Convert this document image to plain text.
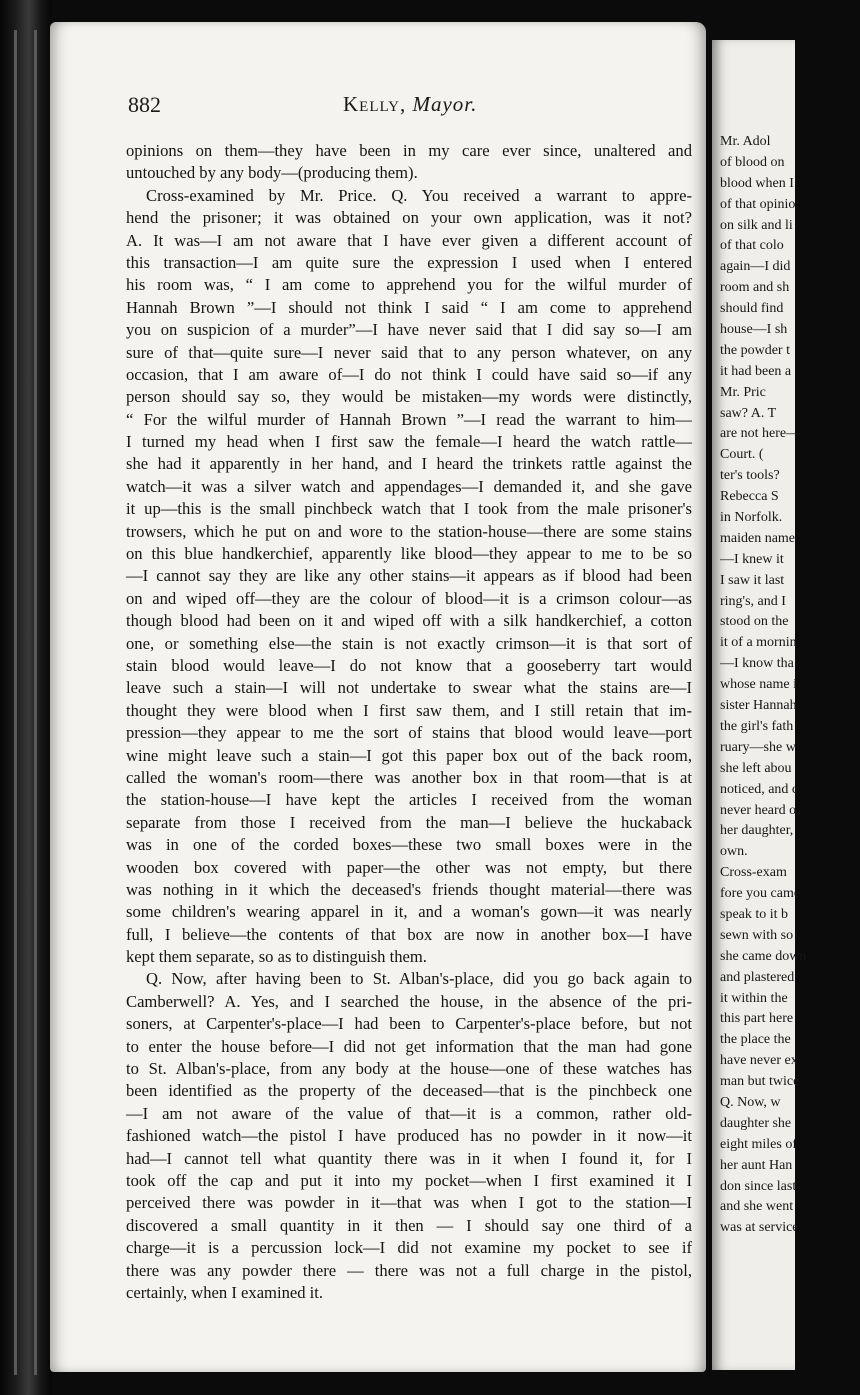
882	Kelly, Mayor.
opinions on them—they have been in my care ever since, unaltered and
untouched by any body—(producing them).
Cross-examined by Mr. Price. Q. You received a warrant to appre-
hend the prisoner; it was obtained on your own application, was it not?
A. It was—I am not aware that I have ever given a different account of
this transaction—I am quite sure the expression I used when I entered
his room was, “ I am come to apprehend you for the wilful murder of
Hannah Brown ”—I should not think I said “ I am come to apprehend
you on suspicion of a murder”—I have never said that I did say so—I am
sure of that—quite sure—I never said that to any person whatever, on any
occasion, that I am aware of—I do not think I could have said so—if any
person should say so, they would be mistaken—my words were distinctly,
“ For the wilful murder of Hannah Brown ”—I read the warrant to him—
I turned my head when I first saw the female—I heard the watch rattle—
she had it apparently in her hand, and I heard the trinkets rattle against the
watch—it was a silver watch and appendages—I demanded it, and she gave
it up—this is the small pinchbeck watch that I took from the male prisoner's
trowsers, which he put on and wore to the station-house—there are some stains
on this blue handkerchief, apparently like blood—they appear to me to be so
—I cannot say they are like any other stains—it appears as if blood had been
on and wiped off—they are the colour of blood—it is a crimson colour—as
though blood had been on it and wiped off with a silk handkerchief, a cotton
one, or something else—the stain is not exactly crimson—it is that sort of
stain blood would leave—I do not know that a gooseberry tart would
leave such a stain—I will not undertake to swear what the stains are—I
thought they were blood when I first saw them, and I still retain that im-
pression—they appear to me the sort of stains that blood would leave—port
wine might leave such a stain—I got this paper box out of the back room,
called the woman's room—there was another box in that room—that is at
the station-house—I have kept the articles I received from the woman
separate from those I received from the man—I believe the huckaback
was in one of the corded boxes—these two small boxes were in the
wooden box covered with paper—the other was not empty, but there
was nothing in it which the deceased's friends thought material—there was
some children's wearing apparel in it, and a woman's gown—it was nearly
full, I believe—the contents of that box are now in another box—I have
kept them separate, so as to distinguish them.
Q. Now, after having been to St. Alban's-place, did you go back again to
Camberwell? A. Yes, and I searched the house, in the absence of the pri-
soners, at Carpenter's-place—I had been to Carpenter's-place before, but not
to enter the house before—I did not get information that the man had gone
to St. Alban's-place, from any body at the house—one of these watches has
been identified as the property of the deceased—that is the pinchbeck one
—I am not aware of the value of that—it is a common, rather old-
fashioned watch—the pistol I have produced has no powder in it now—it
had—I cannot tell what quantity there was in it when I found it, for I
took off the cap and put it into my pocket—when I first examined it I
perceived there was powder in it—that was when I got to the station—I
discovered a small quantity in it then — I should say one third of a
charge—it is a percussion lock—I did not examine my pocket to see if
there was any powder there — there was not a full charge in the pistol,
certainly, when I examined it.
Mr. Adol
of blood on
blood when I
of that opinio
on silk and li
of that colo
again—I did
room and sh
should find
house—I sh
the powder t
it had been a
Mr. Pric
saw? A. T
are not here—
Court. (
ter's tools?
Rebecca S
in Norfolk.
maiden name
—I knew it
I saw it last
ring's, and I
stood on the
it of a mornin
—I know tha
whose name i
sister Hannah
the girl's fath
ruary—she w
she left abou
noticed, and c
never heard o
her daughter,
own.
Cross-exam
fore you came
speak to it b
sewn with so
she came down
and plastered
it within the
this part here
the place the
have never ex
man but twice
Q. Now, w
daughter she
eight miles of
her aunt Han
don since last
and she went
was at service
